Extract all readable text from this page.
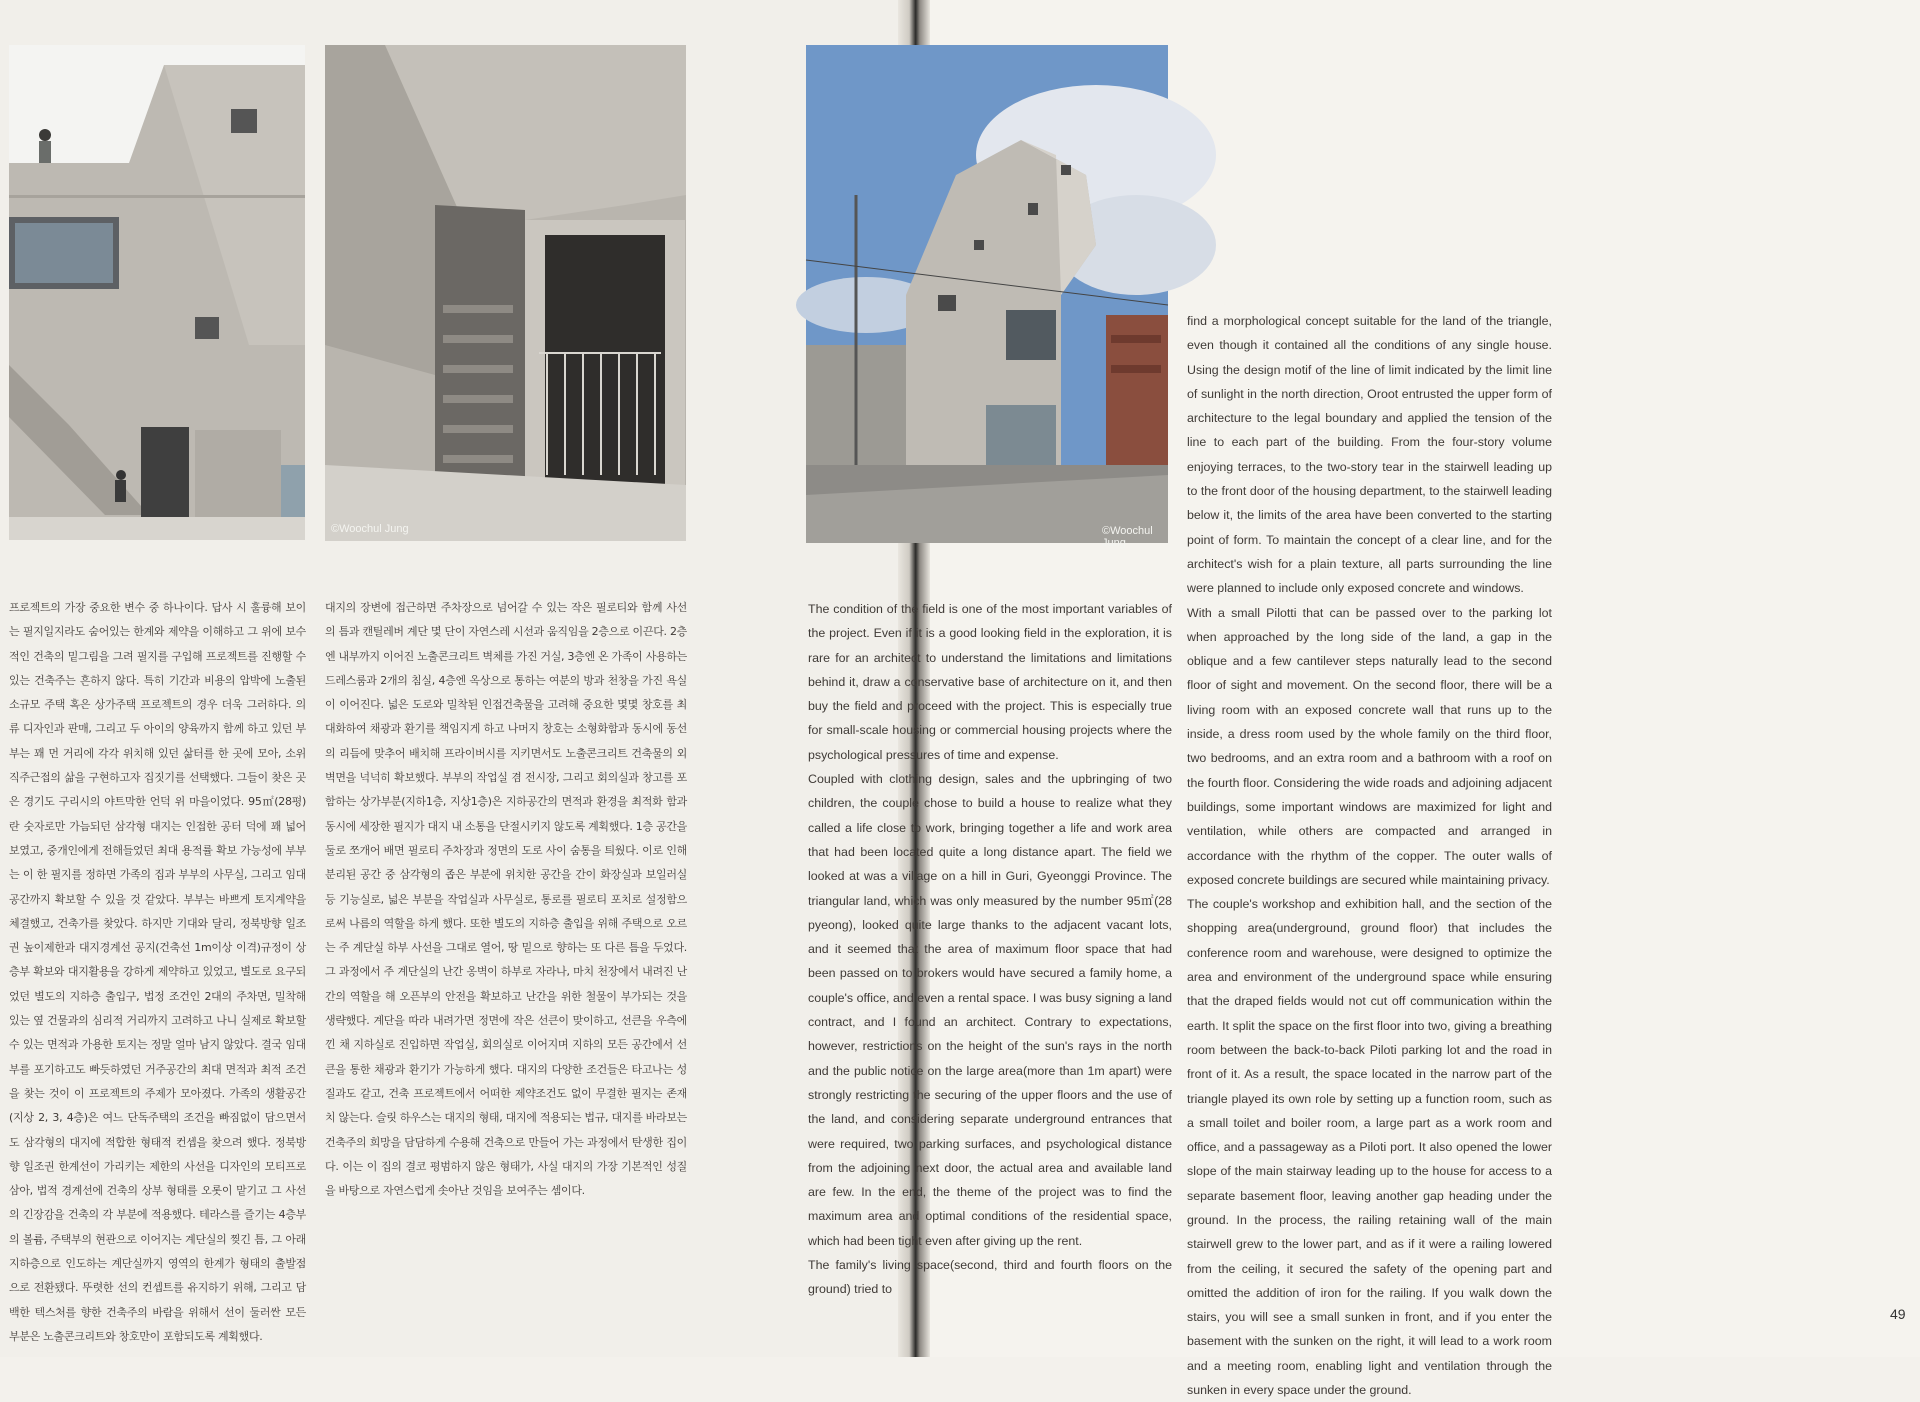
©Woochul Jung	©Woochul Jung

프로젝트의 가장 중요한 변수 중 하나이다. 답사 시 훌륭해 보이는 필지일지라도 숨어있는 한계와 제약을 이해하고 그 위에 보수적인 건축의 밑그림을 그려 필지를 구입해 프로젝트를 진행할 수 있는 건축주는 흔하지 않다. 특히 기간과 비용의 압박에 노출된 소규모 주택 혹은 상가주택 프로젝트의 경우 더욱 그러하다. 의류 디자인과 판매, 그리고 두 아이의 양육까지 함께 하고 있던 부부는 꽤 먼 거리에 각각 위치해 있던 삶터를 한 곳에 모아, 소위 직주근접의 삶을 구현하고자 집짓기를 선택했다. 그들이 찾은 곳은 경기도 구리시의 야트막한 언덕 위 마을이었다. 95㎡(28평)란 숫자로만 가늠되던 삼각형 대지는 인접한 공터 덕에 꽤 넓어 보였고, 중개인에게 전해들었던 최대 용적률 확보 가능성에 부부는 이 한 필지를 정하면 가족의 집과 부부의 사무실, 그리고 임대공간까지 확보할 수 있을 것 같았다. 부부는 바쁘게 토지계약을 체결했고, 건축가를 찾았다. 하지만 기대와 달리, 정북방향 일조권 높이제한과 대지경계선 공지(건축선 1m이상 이격)규정이 상층부 확보와 대지활용을 강하게 제약하고 있었고, 별도로 요구되었던 별도의 지하층 출입구, 법정 조건인 2대의 주차면, 밀착해 있는 옆 건물과의 심리적 거리까지 고려하고 나니 실제로 확보할 수 있는 면적과 가용한 토지는 정말 얼마 남지 않았다. 결국 임대부를 포기하고도 빠듯하였던 거주공간의 최대 면적과 최적 조건을 찾는 것이 이 프로젝트의 주제가 모아졌다. 가족의 생활공간(지상 2, 3, 4층)은 여느 단독주택의 조건을 빠짐없이 담으면서도 삼각형의 대지에 적합한 형태적 컨셉을 찾으려 했다. 정북방향 일조권 한계선이 가리키는 제한의 사선을 디자인의 모티프로 삼아, 법적 경계선에 건축의 상부 형태를 오롯이 맡기고 그 사선의 긴장감을 건축의 각 부분에 적용했다. 테라스를 즐기는 4층부의 볼륨, 주택부의 현관으로 이어지는 계단실의 찢긴 틈, 그 아래 지하층으로 인도하는 계단실까지 영역의 한계가 형태의 출발점으로 전환됐다. 뚜렷한 선의 컨셉트를 유지하기 위해, 그리고 담백한 텍스처를 향한 건축주의 바람을 위해서 선이 둘러싼 모든 부분은 노출콘크리트와 창호만이 포함되도록 계획했다.

대지의 장변에 접근하면 주차장으로 넘어갈 수 있는 작은 필로티와 함께 사선의 틈과 캔틸레버 계단 몇 단이 자연스레 시선과 움직임을 2층으로 이끈다. 2층엔 내부까지 이어진 노출콘크리트 벽체를 가진 거실, 3층엔 온 가족이 사용하는 드레스룸과 2개의 침실, 4층엔 옥상으로 통하는 여분의 방과 천창을 가진 욕실이 이어진다. 넓은 도로와 밀착된 인접건축물을 고려해 중요한 몇몇 창호를 최대화하여 채광과 환기를 책임지게 하고 나머지 창호는 소형화함과 동시에 동선의 리듬에 맞추어 배치해 프라이버시를 지키면서도 노출콘크리트 건축물의 외벽면을 넉넉히 확보했다. 부부의 작업실 겸 전시장, 그리고 회의실과 창고를 포함하는 상가부분(지하1층, 지상1층)은 지하공간의 면적과 환경을 최적화 함과 동시에 세장한 필지가 대지 내 소통을 단절시키지 않도록 계획했다. 1층 공간을 둘로 쪼개어 배면 필로티 주차장과 정면의 도로 사이 숨통을 틔웠다. 이로 인해 분리된 공간 중 삼각형의 좁은 부분에 위치한 공간을 간이 화장실과 보일러실 등 기능실로, 넓은 부분을 작업실과 사무실로, 통로를 필로티 포치로 설정함으로써 나름의 역할을 하게 했다. 또한 별도의 지하층 출입을 위해 주택으로 오르는 주 계단실 하부 사선을 그대로 열어, 땅 밑으로 향하는 또 다른 틈을 두었다. 그 과정에서 주 계단실의 난간 옹벽이 하부로 자라나, 마치 천장에서 내려진 난간의 역할을 해 오픈부의 안전을 확보하고 난간을 위한 철물이 부가되는 것을 생략했다. 계단을 따라 내려가면 정면에 작은 선큰이 맞이하고, 선큰을 우측에 낀 채 지하실로 진입하면 작업실, 회의실로 이어지며 지하의 모든 공간에서 선큰을 통한 채광과 환기가 가능하게 했다. 대지의 다양한 조건들은 타고나는 성질과도 같고, 건축 프로젝트에서 어떠한 제약조건도 없이 무결한 필지는 존재치 않는다. 슬릿 하우스는 대지의 형태, 대지에 적용되는 법규, 대지를 바라보는 건축주의 희망을 담담하게 수용해 건축으로 만들어 가는 과정에서 탄생한 집이다. 이는 이 집의 결코 평범하지 않은 형태가, 사실 대지의 가장 기본적인 성질을 바탕으로 자연스럽게 솟아난 것임을 보여주는 셈이다.

The condition of the field is one of the most important variables of the project. Even if it is a good looking field in the exploration, it is rare for an architect to understand the limitations and limitations behind it, draw a conservative base of architecture on it, and then buy the field and proceed with the project. This is especially true for small-scale housing or commercial housing projects where the psychological pressures of time and expense.

Coupled with clothing design, sales and the upbringing of two children, the couple chose to build a house to realize what they called a life close to work, bringing together a life and work area that had been located quite a long distance apart. The field we looked at was a village on a hill in Guri, Gyeonggi Province. The triangular land, which was only measured by the number 95㎡(28 pyeong), looked quite large thanks to the adjacent vacant lots, and it seemed that the area of maximum floor space that had been passed on to brokers would have secured a family home, a couple's office, and even a rental space. I was busy signing a land contract, and I found an architect. Contrary to expectations, however, restrictions on the height of the sun's rays in the north and the public notice on the large area(more than 1m apart) were strongly restricting the securing of the upper floors and the use of the land, and considering separate underground entrances that were required, two parking surfaces, and psychological distance from the adjoining next door, the actual area and available land are few. In the end, the theme of the project was to find the maximum area and optimal conditions of the residential space, which had been tight even after giving up the rent.

The family's living space(second, third and fourth floors on the ground) tried to

find a morphological concept suitable for the land of the triangle, even though it contained all the conditions of any single house. Using the design motif of the line of limit indicated by the limit line of sunlight in the north direction, Oroot entrusted the upper form of architecture to the legal boundary and applied the tension of the line to each part of the building. From the four-story volume enjoying terraces, to the two-story tear in the stairwell leading up to the front door of the housing department, to the stairwell leading below it, the limits of the area have been converted to the starting point of form. To maintain the concept of a clear line, and for the architect's wish for a plain texture, all parts surrounding the line were planned to include only exposed concrete and windows.

With a small Pilotti that can be passed over to the parking lot when approached by the long side of the land, a gap in the oblique and a few cantilever steps naturally lead to the second floor of sight and movement. On the second floor, there will be a living room with an exposed concrete wall that runs up to the inside, a dress room used by the whole family on the third floor, two bedrooms, and an extra room and a bathroom with a roof on the fourth floor. Considering the wide roads and adjoining adjacent buildings, some important windows are maximized for light and ventilation, while others are compacted and arranged in accordance with the rhythm of the copper. The outer walls of exposed concrete buildings are secured while maintaining privacy.

The couple's workshop and exhibition hall, and the section of the shopping area(underground, ground floor) that includes the conference room and warehouse, were designed to optimize the area and environment of the underground space while ensuring that the draped fields would not cut off communication within the earth. It split the space on the first floor into two, giving a breathing room between the back-to-back Piloti parking lot and the road in front of it. As a result, the space located in the narrow part of the triangle played its own role by setting up a function room, such as a small toilet and boiler room, a large part as a work room and office, and a passageway as a Piloti port. It also opened the lower slope of the main stairway leading up to the house for access to a separate basement floor, leaving another gap heading under the ground. In the process, the railing retaining wall of the main stairwell grew to the lower part, and as if it were a railing lowered from the ceiling, it secured the safety of the opening part and omitted the addition of iron for the railing. If you walk down the stairs, you will see a small sunken in front, and if you enter the basement with the sunken on the right, it will lead to a work room and a meeting room, enabling light and ventilation through the sunken in every space under the ground.

49
